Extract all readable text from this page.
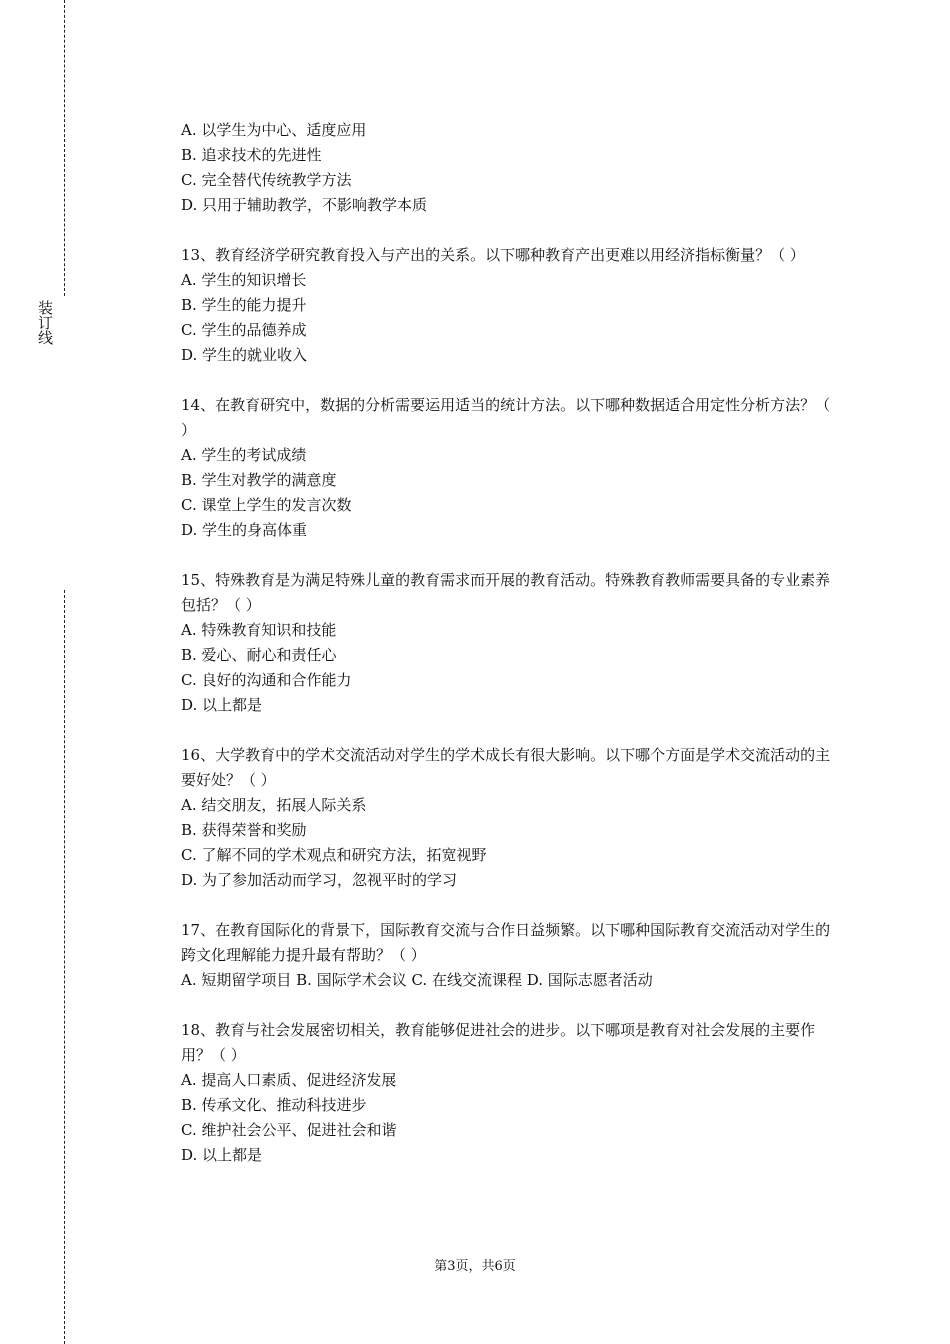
装订线
A. 以学生为中心、适度应用
B. 追求技术的先进性
C. 完全替代传统教学方法
D. 只用于辅助教学，不影响教学本质

13、教育经济学研究教育投入与产出的关系。以下哪种教育产出更难以用经济指标衡量？（ ）

A. 学生的知识增长
B. 学生的能力提升
C. 学生的品德养成
D. 学生的就业收入

14、在教育研究中，数据的分析需要运用适当的统计方法。以下哪种数据适合用定性分析方法？（ ）

A. 学生的考试成绩
B. 学生对教学的满意度
C. 课堂上学生的发言次数
D. 学生的身高体重

15、特殊教育是为满足特殊儿童的教育需求而开展的教育活动。特殊教育教师需要具备的专业素养包括？（ ）

A. 特殊教育知识和技能
B. 爱心、耐心和责任心
C. 良好的沟通和合作能力
D. 以上都是

16、大学教育中的学术交流活动对学生的学术成长有很大影响。以下哪个方面是学术交流活动的主要好处？（ ）

A. 结交朋友，拓展人际关系
B. 获得荣誉和奖励
C. 了解不同的学术观点和研究方法，拓宽视野
D. 为了参加活动而学习，忽视平时的学习

17、在教育国际化的背景下，国际教育交流与合作日益频繁。以下哪种国际教育交流活动对学生的跨文化理解能力提升最有帮助？（ ）

A. 短期留学项目 B. 国际学术会议 C. 在线交流课程 D. 国际志愿者活动

18、教育与社会发展密切相关，教育能够促进社会的进步。以下哪项是教育对社会发展的主要作用？（ ）

A. 提高人口素质、促进经济发展
B. 传承文化、推动科技进步
C. 维护社会公平、促进社会和谐
D. 以上都是
第3页，共6页
